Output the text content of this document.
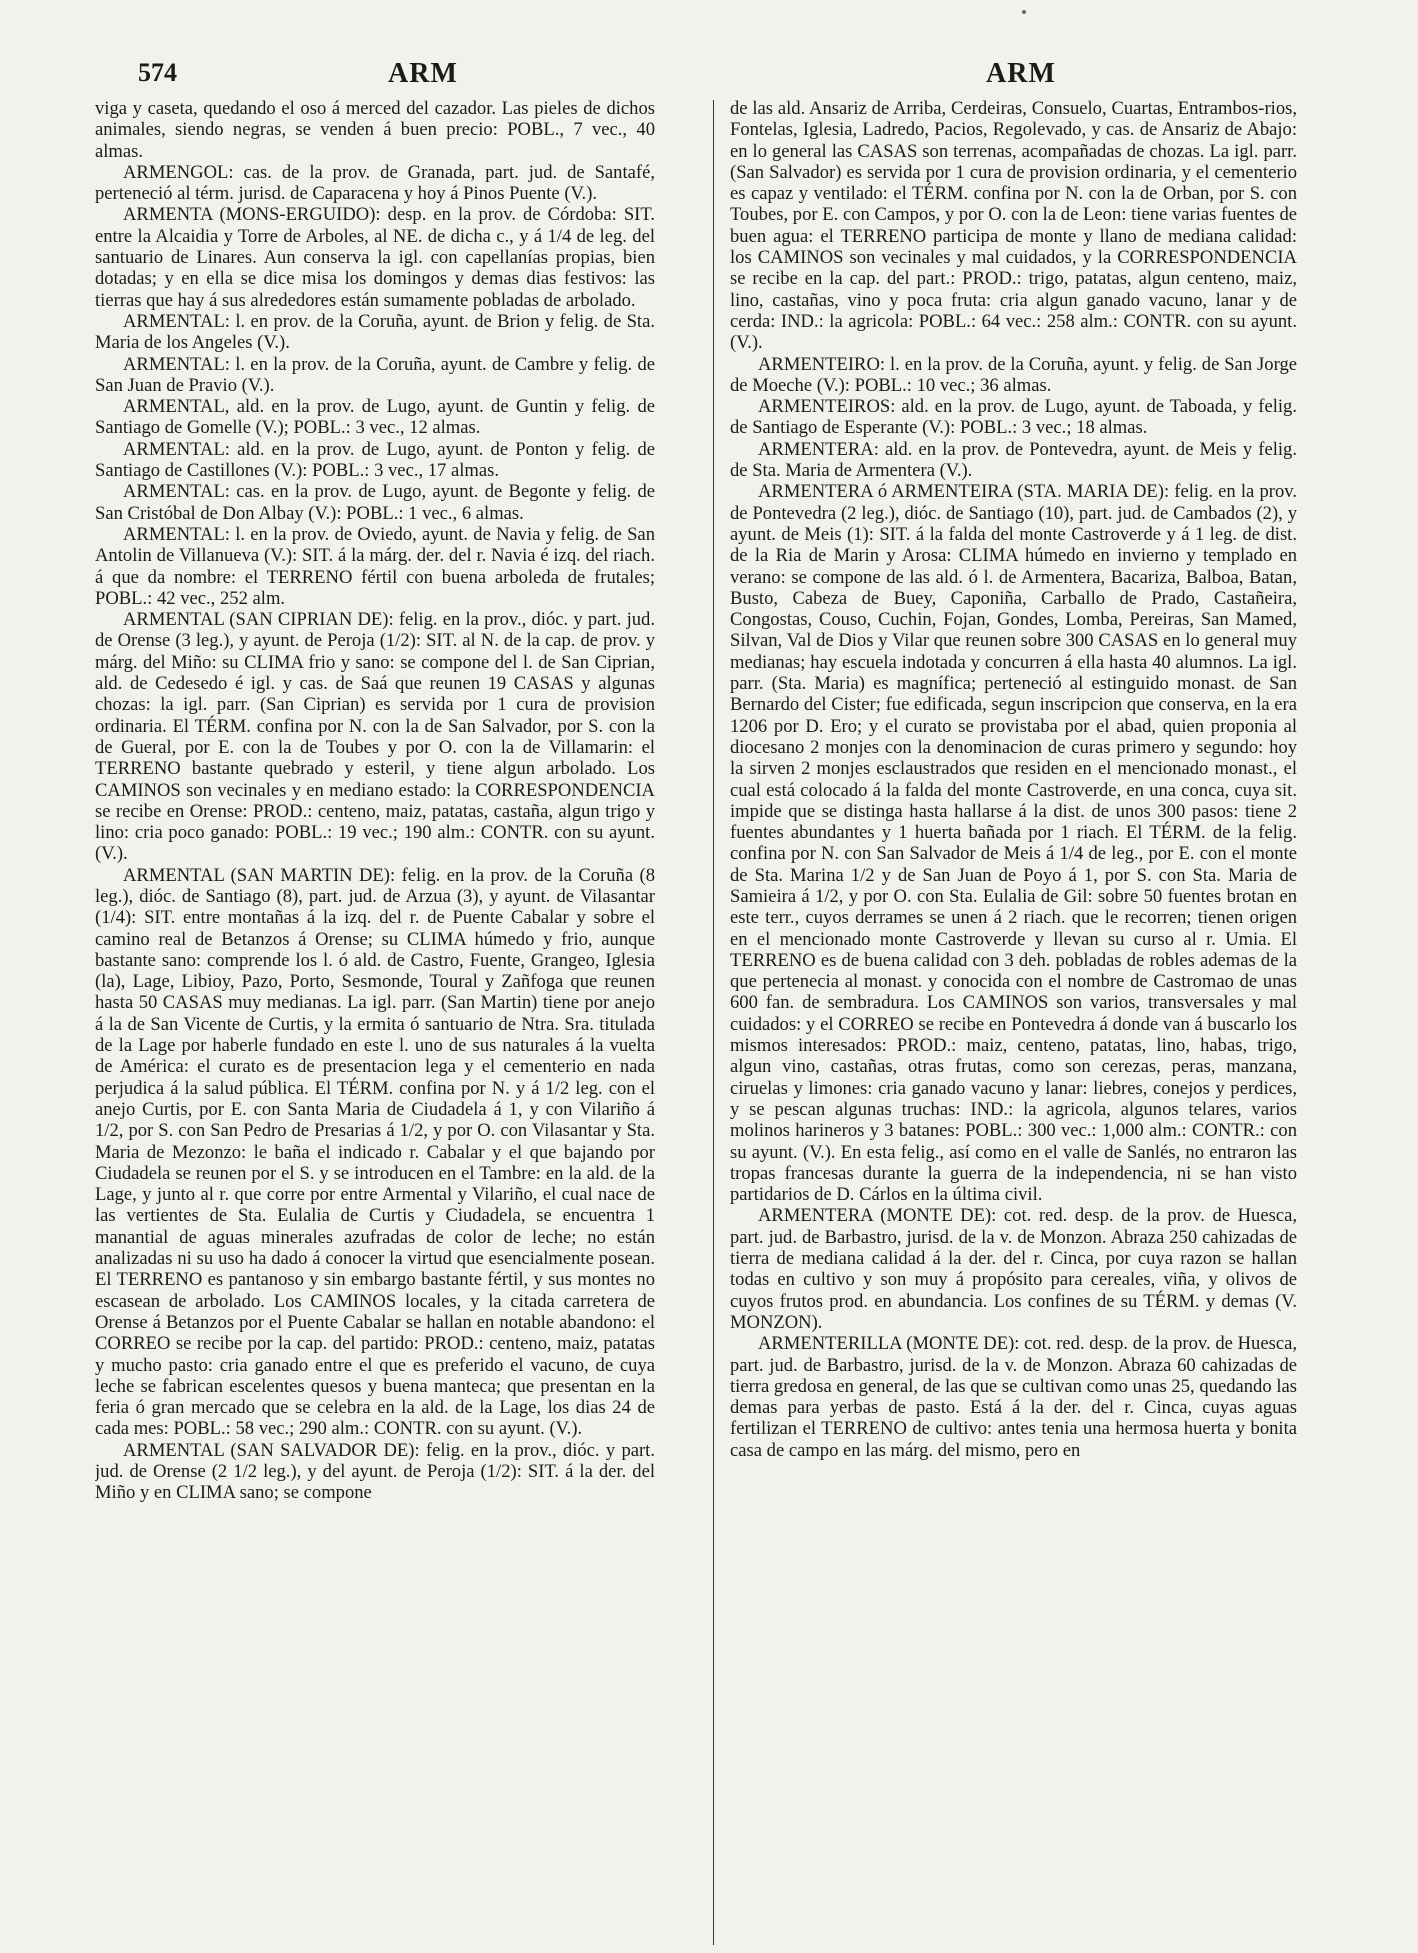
574	ARM	ARM

viga y caseta, quedando el oso á merced del cazador. Las pieles de dichos animales, siendo negras, se venden á buen precio: POBL., 7 vec., 40 almas.

ARMENGOL: cas. de la prov. de Granada, part. jud. de Santafé, perteneció al térm. jurisd. de Caparacena y hoy á Pinos Puente (V.).

ARMENTA (MONS-ERGUIDO): desp. en la prov. de Córdoba: SIT. entre la Alcaidia y Torre de Arboles, al NE. de dicha c., y á 1/4 de leg. del santuario de Linares. Aun conserva la igl. con capellanías propias, bien dotadas; y en ella se dice misa los domingos y demas dias festivos: las tierras que hay á sus alrededores están sumamente pobladas de arbolado.

ARMENTAL: l. en prov. de la Coruña, ayunt. de Brion y felig. de Sta. Maria de los Angeles (V.).

ARMENTAL: l. en la prov. de la Coruña, ayunt. de Cambre y felig. de San Juan de Pravio (V.).

ARMENTAL, ald. en la prov. de Lugo, ayunt. de Guntin y felig. de Santiago de Gomelle (V.); POBL.: 3 vec., 12 almas.

ARMENTAL: ald. en la prov. de Lugo, ayunt. de Ponton y felig. de Santiago de Castillones (V.): POBL.: 3 vec., 17 almas.

ARMENTAL: cas. en la prov. de Lugo, ayunt. de Begonte y felig. de San Cristóbal de Don Albay (V.): POBL.: 1 vec., 6 almas.

ARMENTAL: l. en la prov. de Oviedo, ayunt. de Navia y felig. de San Antolin de Villanueva (V.): SIT. á la márg. der. del r. Navia é izq. del riach. á que da nombre: el TERRENO fértil con buena arboleda de frutales; POBL.: 42 vec., 252 alm.

ARMENTAL (SAN CIPRIAN DE): felig. en la prov., dióc. y part. jud. de Orense (3 leg.), y ayunt. de Peroja (1/2): SIT. al N. de la cap. de prov. y márg. del Miño: su CLIMA frio y sano: se compone del l. de San Ciprian, ald. de Cedesedo é igl. y cas. de Saá que reunen 19 CASAS y algunas chozas: la igl. parr. (San Ciprian) es servida por 1 cura de provision ordinaria. El TÉRM. confina por N. con la de San Salvador, por S. con la de Gueral, por E. con la de Toubes y por O. con la de Villamarin: el TERRENO bastante quebrado y esteril, y tiene algun arbolado. Los CAMINOS son vecinales y en mediano estado: la CORRESPONDENCIA se recibe en Orense: PROD.: centeno, maiz, patatas, castaña, algun trigo y lino: cria poco ganado: POBL.: 19 vec.; 190 alm.: CONTR. con su ayunt. (V.).

ARMENTAL (SAN MARTIN DE): felig. en la prov. de la Coruña (8 leg.), dióc. de Santiago (8), part. jud. de Arzua (3), y ayunt. de Vilasantar (1/4): SIT. entre montañas á la izq. del r. de Puente Cabalar y sobre el camino real de Betanzos á Orense; su CLIMA húmedo y frio, aunque bastante sano: comprende los l. ó ald. de Castro, Fuente, Grangeo, Iglesia (la), Lage, Libioy, Pazo, Porto, Sesmonde, Toural y Zañfoga que reunen hasta 50 CASAS muy medianas. La igl. parr. (San Martin) tiene por anejo á la de San Vicente de Curtis, y la ermita ó santuario de Ntra. Sra. titulada de la Lage por haberle fundado en este l. uno de sus naturales á la vuelta de América: el curato es de presentacion lega y el cementerio en nada perjudica á la salud pública. El TÉRM. confina por N. y á 1/2 leg. con el anejo Curtis, por E. con Santa Maria de Ciudadela á 1, y con Vilariño á 1/2, por S. con San Pedro de Presarias á 1/2, y por O. con Vilasantar y Sta. Maria de Mezonzo: le baña el indicado r. Cabalar y el que bajando por Ciudadela se reunen por el S. y se introducen en el Tambre: en la ald. de la Lage, y junto al r. que corre por entre Armental y Vilariño, el cual nace de las vertientes de Sta. Eulalia de Curtis y Ciudadela, se encuentra 1 manantial de aguas minerales azufradas de color de leche; no están analizadas ni su uso ha dado á conocer la virtud que esencialmente posean. El TERRENO es pantanoso y sin embargo bastante fértil, y sus montes no escasean de arbolado. Los CAMINOS locales, y la citada carretera de Orense á Betanzos por el Puente Cabalar se hallan en notable abandono: el CORREO se recibe por la cap. del partido: PROD.: centeno, maiz, patatas y mucho pasto: cria ganado entre el que es preferido el vacuno, de cuya leche se fabrican escelentes quesos y buena manteca; que presentan en la feria ó gran mercado que se celebra en la ald. de la Lage, los dias 24 de cada mes: POBL.: 58 vec.; 290 alm.: CONTR. con su ayunt. (V.).

ARMENTAL (SAN SALVADOR DE): felig. en la prov., dióc. y part. jud. de Orense (2 1/2 leg.), y del ayunt. de Peroja (1/2): SIT. á la der. del Miño y en CLIMA sano; se compone

de las ald. Ansariz de Arriba, Cerdeiras, Consuelo, Cuartas, Entrambos-rios, Fontelas, Iglesia, Ladredo, Pacios, Regolevado, y cas. de Ansariz de Abajo: en lo general las CASAS son terrenas, acompañadas de chozas. La igl. parr. (San Salvador) es servida por 1 cura de provision ordinaria, y el cementerio es capaz y ventilado: el TÉRM. confina por N. con la de Orban, por S. con Toubes, por E. con Campos, y por O. con la de Leon: tiene varias fuentes de buen agua: el TERRENO participa de monte y llano de mediana calidad: los CAMINOS son vecinales y mal cuidados, y la CORRESPONDENCIA se recibe en la cap. del part.: PROD.: trigo, patatas, algun centeno, maiz, lino, castañas, vino y poca fruta: cria algun ganado vacuno, lanar y de cerda: IND.: la agricola: POBL.: 64 vec.: 258 alm.: CONTR. con su ayunt. (V.).

ARMENTEIRO: l. en la prov. de la Coruña, ayunt. y felig. de San Jorge de Moeche (V.): POBL.: 10 vec.; 36 almas.

ARMENTEIROS: ald. en la prov. de Lugo, ayunt. de Taboada, y felig. de Santiago de Esperante (V.): POBL.: 3 vec.; 18 almas.

ARMENTERA: ald. en la prov. de Pontevedra, ayunt. de Meis y felig. de Sta. Maria de Armentera (V.).

ARMENTERA ó ARMENTEIRA (STA. MARIA DE): felig. en la prov. de Pontevedra (2 leg.), dióc. de Santiago (10), part. jud. de Cambados (2), y ayunt. de Meis (1): SIT. á la falda del monte Castroverde y á 1 leg. de dist. de la Ria de Marin y Arosa: CLIMA húmedo en invierno y templado en verano: se compone de las ald. ó l. de Armentera, Bacariza, Balboa, Batan, Busto, Cabeza de Buey, Caponiña, Carballo de Prado, Castañeira, Congostas, Couso, Cuchin, Fojan, Gondes, Lomba, Pereiras, San Mamed, Silvan, Val de Dios y Vilar que reunen sobre 300 CASAS en lo general muy medianas; hay escuela indotada y concurren á ella hasta 40 alumnos. La igl. parr. (Sta. Maria) es magnífica; perteneció al estinguido monast. de San Bernardo del Cister; fue edificada, segun inscripcion que conserva, en la era 1206 por D. Ero; y el curato se provistaba por el abad, quien proponia al diocesano 2 monjes con la denominacion de curas primero y segundo: hoy la sirven 2 monjes esclaustrados que residen en el mencionado monast., el cual está colocado á la falda del monte Castroverde, en una conca, cuya sit. impide que se distinga hasta hallarse á la dist. de unos 300 pasos: tiene 2 fuentes abundantes y 1 huerta bañada por 1 riach. El TÉRM. de la felig. confina por N. con San Salvador de Meis á 1/4 de leg., por E. con el monte de Sta. Marina 1/2 y de San Juan de Poyo á 1, por S. con Sta. Maria de Samieira á 1/2, y por O. con Sta. Eulalia de Gil: sobre 50 fuentes brotan en este terr., cuyos derrames se unen á 2 riach. que le recorren; tienen origen en el mencionado monte Castroverde y llevan su curso al r. Umia. El TERRENO es de buena calidad con 3 deh. pobladas de robles ademas de la que pertenecia al monast. y conocida con el nombre de Castromao de unas 600 fan. de sembradura. Los CAMINOS son varios, transversales y mal cuidados: y el CORREO se recibe en Pontevedra á donde van á buscarlo los mismos interesados: PROD.: maiz, centeno, patatas, lino, habas, trigo, algun vino, castañas, otras frutas, como son cerezas, peras, manzana, ciruelas y limones: cria ganado vacuno y lanar: liebres, conejos y perdices, y se pescan algunas truchas: IND.: la agricola, algunos telares, varios molinos harineros y 3 batanes: POBL.: 300 vec.: 1,000 alm.: CONTR.: con su ayunt. (V.). En esta felig., así como en el valle de Sanlés, no entraron las tropas francesas durante la guerra de la independencia, ni se han visto partidarios de D. Cárlos en la última civil.

ARMENTERA (MONTE DE): cot. red. desp. de la prov. de Huesca, part. jud. de Barbastro, jurisd. de la v. de Monzon. Abraza 250 cahizadas de tierra de mediana calidad á la der. del r. Cinca, por cuya razon se hallan todas en cultivo y son muy á propósito para cereales, viña, y olivos de cuyos frutos prod. en abundancia. Los confines de su TÉRM. y demas (V. MONZON).

ARMENTERILLA (MONTE DE): cot. red. desp. de la prov. de Huesca, part. jud. de Barbastro, jurisd. de la v. de Monzon. Abraza 60 cahizadas de tierra gredosa en general, de las que se cultivan como unas 25, quedando las demas para yerbas de pasto. Está á la der. del r. Cinca, cuyas aguas fertilizan el TERRENO de cultivo: antes tenia una hermosa huerta y bonita casa de campo en las márg. del mismo, pero en
